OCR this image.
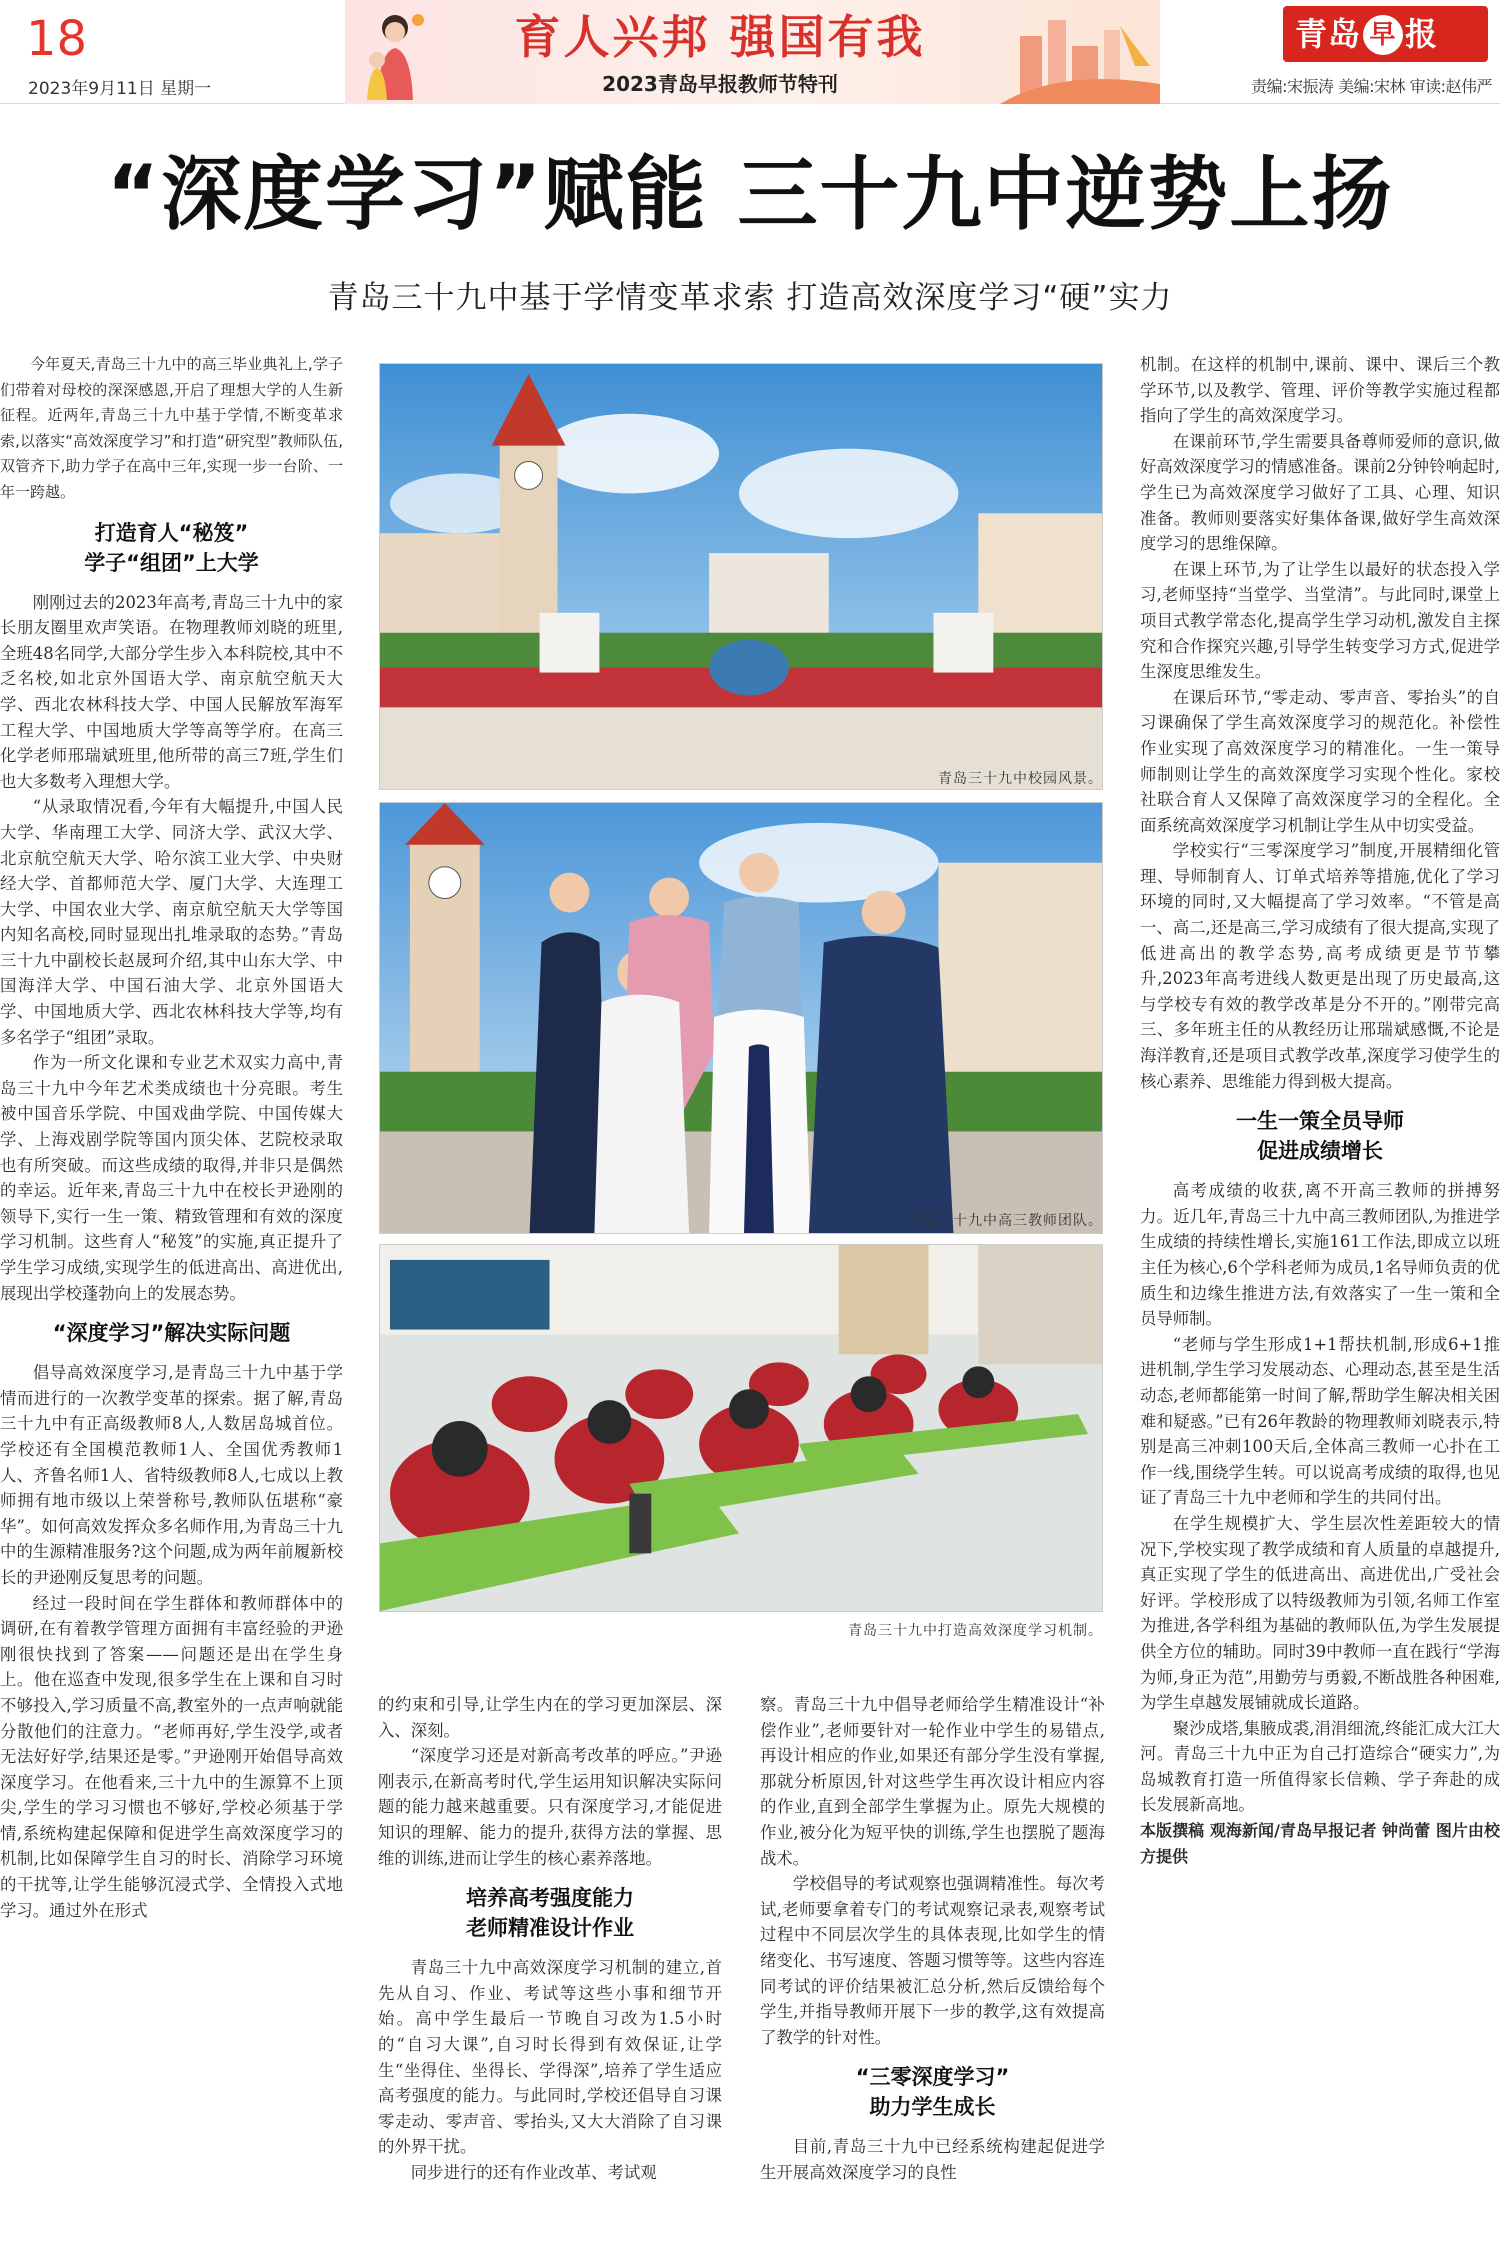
18
2023年9月11日 星期一
育人兴邦 强国有我
2023青岛早报教师节特刊
青岛 早 报
责编:宋振涛 美编:宋林 审读:赵伟严
“深度学习”赋能 三十九中逆势上扬
青岛三十九中基于学情变革求索 打造高效深度学习“硬”实力

今年夏天,青岛三十九中的高三毕业典礼上,学子们带着对母校的深深感恩,开启了理想大学的人生新征程。近两年,青岛三十九中基于学情,不断变革求索,以落实“高效深度学习”和打造“研究型”教师队伍,双管齐下,助力学子在高中三年,实现一步一台阶、一年一跨越。

打造育人“秘笈”
学子“组团”上大学

刚刚过去的2023年高考,青岛三十九中的家长朋友圈里欢声笑语。在物理教师刘晓的班里,全班48名同学,大部分学生步入本科院校,其中不乏名校,如北京外国语大学、南京航空航天大学、西北农林科技大学、中国人民解放军海军工程大学、中国地质大学等高等学府。在高三化学老师邢瑞斌班里,他所带的高三7班,学生们也大多数考入理想大学。

“从录取情况看,今年有大幅提升,中国人民大学、华南理工大学、同济大学、武汉大学、北京航空航天大学、哈尔滨工业大学、中央财经大学、首都师范大学、厦门大学、大连理工大学、中国农业大学、南京航空航天大学等国内知名高校,同时显现出扎堆录取的态势。”青岛三十九中副校长赵晟珂介绍,其中山东大学、中国海洋大学、中国石油大学、北京外国语大学、中国地质大学、西北农林科技大学等,均有多名学子“组团”录取。

作为一所文化课和专业艺术双实力高中,青岛三十九中今年艺术类成绩也十分亮眼。考生被中国音乐学院、中国戏曲学院、中国传媒大学、上海戏剧学院等国内顶尖体、艺院校录取也有所突破。而这些成绩的取得,并非只是偶然的幸运。近年来,青岛三十九中在校长尹逊刚的领导下,实行一生一策、精致管理和有效的深度学习机制。这些育人“秘笈”的实施,真正提升了学生学习成绩,实现学生的低进高出、高进优出,展现出学校蓬勃向上的发展态势。

“深度学习”解决实际问题

倡导高效深度学习,是青岛三十九中基于学情而进行的一次教学变革的探索。据了解,青岛三十九中有正高级教师8人,人数居岛城首位。学校还有全国模范教师1人、全国优秀教师1人、齐鲁名师1人、省特级教师8人,七成以上教师拥有地市级以上荣誉称号,教师队伍堪称“豪华”。如何高效发挥众多名师作用,为青岛三十九中的生源精准服务?这个问题,成为两年前履新校长的尹逊刚反复思考的问题。

经过一段时间在学生群体和教师群体中的调研,在有着教学管理方面拥有丰富经验的尹逊刚很快找到了答案——问题还是出在学生身上。他在巡查中发现,很多学生在上课和自习时不够投入,学习质量不高,教室外的一点声响就能分散他们的注意力。“老师再好,学生没学,或者无法好好学,结果还是零。”尹逊刚开始倡导高效深度学习。在他看来,三十九中的生源算不上顶尖,学生的学习习惯也不够好,学校必须基于学情,系统构建起保障和促进学生高效深度学习的机制,比如保障学生自习的时长、消除学习环境的干扰等,让学生能够沉浸式学、全情投入式地学习。通过外在形式

青岛三十九中校园风景。
青岛三十九中高三教师团队。
青岛三十九中打造高效深度学习机制。

的约束和引导,让学生内在的学习更加深层、深入、深刻。

“深度学习还是对新高考改革的呼应。”尹逊刚表示,在新高考时代,学生运用知识解决实际问题的能力越来越重要。只有深度学习,才能促进知识的理解、能力的提升,获得方法的掌握、思维的训练,进而让学生的核心素养落地。

培养高考强度能力
老师精准设计作业

青岛三十九中高效深度学习机制的建立,首先从自习、作业、考试等这些小事和细节开始。高中学生最后一节晚自习改为1.5小时的“自习大课”,自习时长得到有效保证,让学生“坐得住、坐得长、学得深”,培养了学生适应高考强度的能力。与此同时,学校还倡导自习课零走动、零声音、零抬头,又大大消除了自习课的外界干扰。

同步进行的还有作业改革、考试观

察。青岛三十九中倡导老师给学生精准设计“补偿作业”,老师要针对一轮作业中学生的易错点,再设计相应的作业,如果还有部分学生没有掌握,那就分析原因,针对这些学生再次设计相应内容的作业,直到全部学生掌握为止。原先大规模的作业,被分化为短平快的训练,学生也摆脱了题海战术。

学校倡导的考试观察也强调精准性。每次考试,老师要拿着专门的考试观察记录表,观察考试过程中不同层次学生的具体表现,比如学生的情绪变化、书写速度、答题习惯等等。这些内容连同考试的评价结果被汇总分析,然后反馈给每个学生,并指导教师开展下一步的教学,这有效提高了教学的针对性。

“三零深度学习”
助力学生成长

目前,青岛三十九中已经系统构建起促进学生开展高效深度学习的良性

机制。在这样的机制中,课前、课中、课后三个教学环节,以及教学、管理、评价等教学实施过程都指向了学生的高效深度学习。

在课前环节,学生需要具备尊师爱师的意识,做好高效深度学习的情感准备。课前2分钟铃响起时,学生已为高效深度学习做好了工具、心理、知识准备。教师则要落实好集体备课,做好学生高效深度学习的思维保障。

在课上环节,为了让学生以最好的状态投入学习,老师坚持“当堂学、当堂清”。与此同时,课堂上项目式教学常态化,提高学生学习动机,激发自主探究和合作探究兴趣,引导学生转变学习方式,促进学生深度思维发生。

在课后环节,“零走动、零声音、零抬头”的自习课确保了学生高效深度学习的规范化。补偿性作业实现了高效深度学习的精准化。一生一策导师制则让学生的高效深度学习实现个性化。家校社联合育人又保障了高效深度学习的全程化。全面系统高效深度学习机制让学生从中切实受益。

学校实行“三零深度学习”制度,开展精细化管理、导师制育人、订单式培养等措施,优化了学习环境的同时,又大幅提高了学习效率。“不管是高一、高二,还是高三,学习成绩有了很大提高,实现了低进高出的教学态势,高考成绩更是节节攀升,2023年高考进线人数更是出现了历史最高,这与学校专有效的教学改革是分不开的。”刚带完高三、多年班主任的从教经历让邢瑞斌感慨,不论是海洋教育,还是项目式教学改革,深度学习使学生的核心素养、思维能力得到极大提高。

一生一策全员导师
促进成绩增长

高考成绩的收获,离不开高三教师的拼搏努力。近几年,青岛三十九中高三教师团队,为推进学生成绩的持续性增长,实施161工作法,即成立以班主任为核心,6个学科老师为成员,1名导师负责的优质生和边缘生推进方法,有效落实了一生一策和全员导师制。

“老师与学生形成1+1帮扶机制,形成6+1推进机制,学生学习发展动态、心理动态,甚至是生活动态,老师都能第一时间了解,帮助学生解决相关困难和疑惑。”已有26年教龄的物理教师刘晓表示,特别是高三冲刺100天后,全体高三教师一心扑在工作一线,围绕学生转。可以说高考成绩的取得,也见证了青岛三十九中老师和学生的共同付出。

在学生规模扩大、学生层次性差距较大的情况下,学校实现了教学成绩和育人质量的卓越提升,真正实现了学生的低进高出、高进优出,广受社会好评。学校形成了以特级教师为引领,名师工作室为推进,各学科组为基础的教师队伍,为学生发展提供全方位的辅助。同时39中教师一直在践行“学海为师,身正为范”,用勤劳与勇毅,不断战胜各种困难,为学生卓越发展铺就成长道路。

聚沙成塔,集腋成裘,涓涓细流,终能汇成大江大河。青岛三十九中正为自己打造综合“硬实力”,为岛城教育打造一所值得家长信赖、学子奔赴的成长发展新高地。

本版撰稿 观海新闻/青岛早报记者 钟尚蕾 图片由校方提供
